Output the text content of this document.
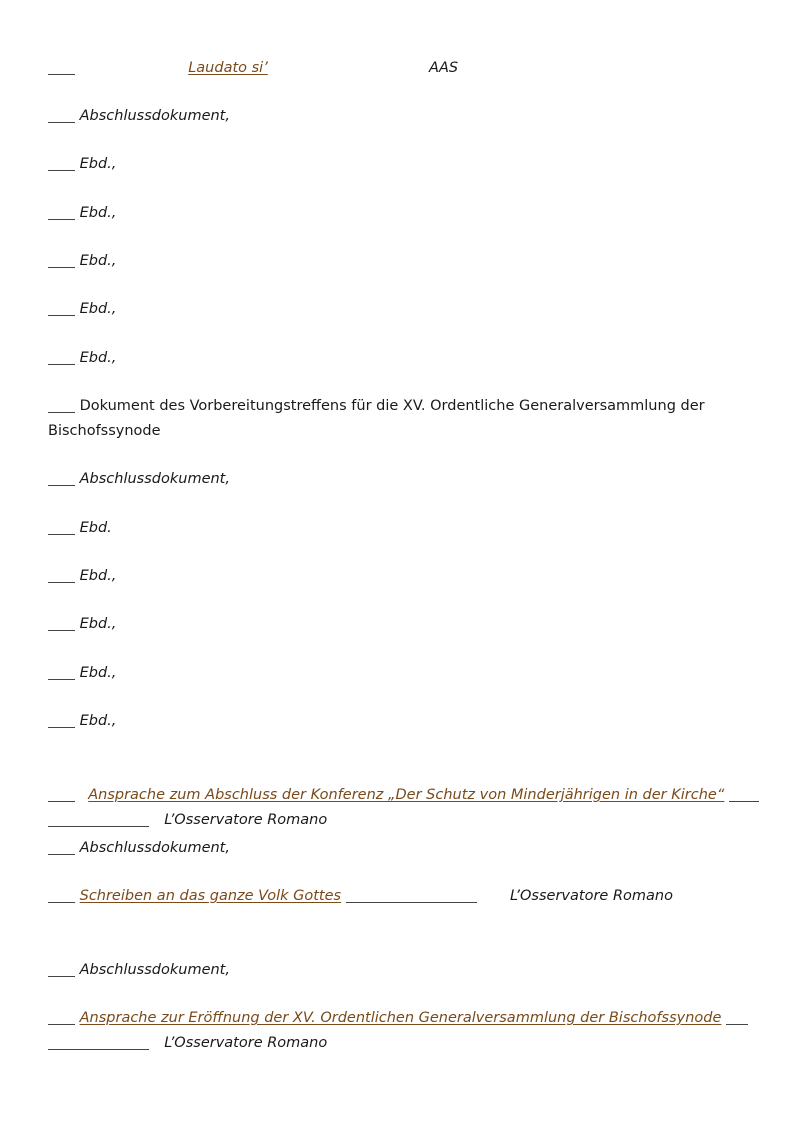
Laudato si’	AAS
Abschlussdokument,
Ebd.,
Ebd.,
Ebd.,
Ebd.,
Ebd.,
Dokument des Vorbereitungstreffens für die XV. Ordentliche Generalversammlung der
Bischofssynode
Abschlussdokument,
Ebd.
Ebd.,
Ebd.,
Ebd.,
Ebd.,
Ansprache zum Abschluss der Konferenz „Der Schutz von Minderjährigen in der Kirche“
L’Osservatore Romano
Abschlussdokument,
Schreiben an das ganze Volk Gottes	L’Osservatore Romano
Abschlussdokument,
Ansprache zur Eröffnung der XV. Ordentlichen Generalversammlung der Bischofssynode
L’Osservatore Romano
